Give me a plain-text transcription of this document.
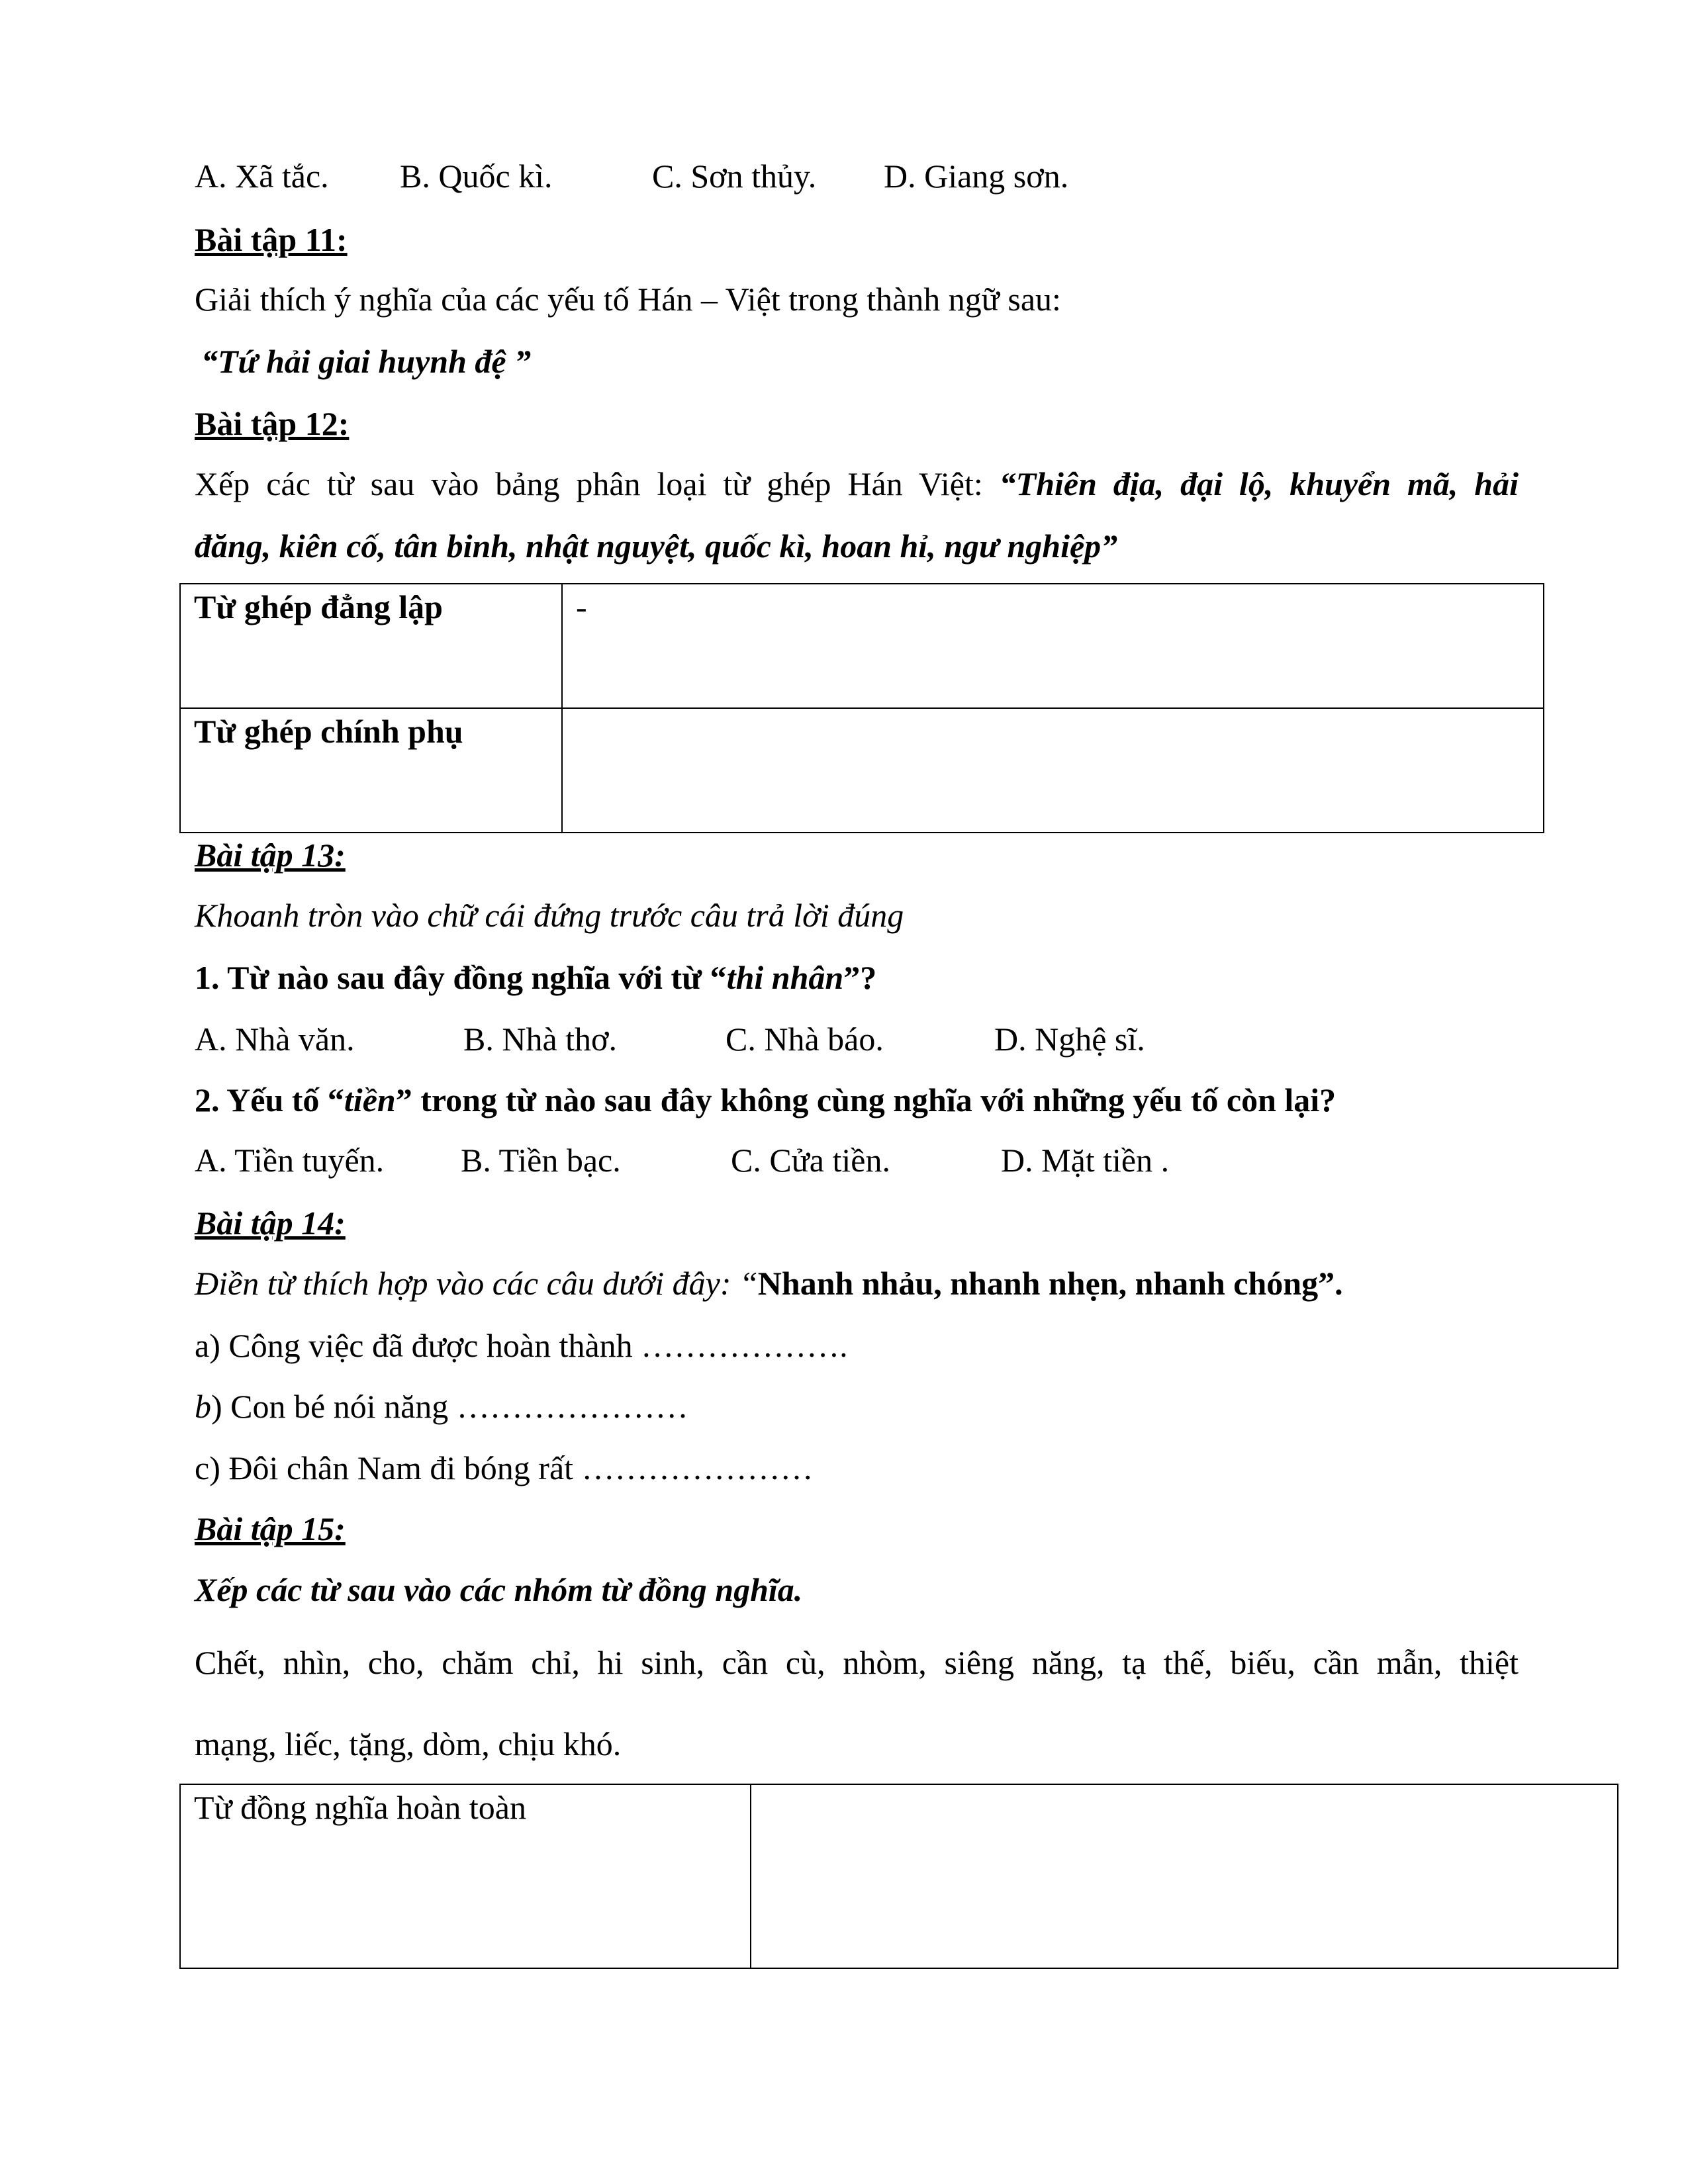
A. Xã tắc. B. Quốc kì.	C. Sơn thủy. D. Giang sơn.
Bài tập 11:
Giải thích ý nghĩa của các yếu tố Hán – Việt trong thành ngữ sau:
“Tứ hải giai huynh đệ ”
Bài tập 12:
Xếp các từ sau vào bảng phân loại từ ghép Hán Việt: “Thiên địa, đại lộ, khuyển mã, hải
đăng, kiên cố, tân binh, nhật nguyệt, quốc kì, hoan hỉ, ngư nghiệp”
Từ ghép đẳng lập	-
Từ ghép chính phụ	
Bài tập 13:
Khoanh tròn vào chữ cái đứng trước câu trả lời đúng
1. Từ nào sau đây đồng nghĩa với từ “thi nhân”?
A. Nhà văn.	B. Nhà thơ.	C. Nhà báo.	D. Nghệ sĩ.
2. Yếu tố “tiền” trong từ nào sau đây không cùng nghĩa với những yếu tố còn lại?
A. Tiền tuyến. B. Tiền bạc.	C. Cửa tiền.	D. Mặt tiền .
Bài tập 14:
Điền từ thích hợp vào các câu dưới đây: “Nhanh nhảu, nhanh nhẹn, nhanh chóng”.
a) Công việc đã được hoàn thành ……………….
b) Con bé nói năng …………………
c) Đôi chân Nam đi bóng rất …………………
Bài tập 15:
Xếp các từ sau vào các nhóm từ đồng nghĩa.
Chết, nhìn, cho, chăm chỉ, hi sinh, cần cù, nhòm, siêng năng, tạ thế, biếu, cần mẫn, thiệt
mạng, liếc, tặng, dòm, chịu khó.
Từ đồng nghĩa hoàn toàn	
